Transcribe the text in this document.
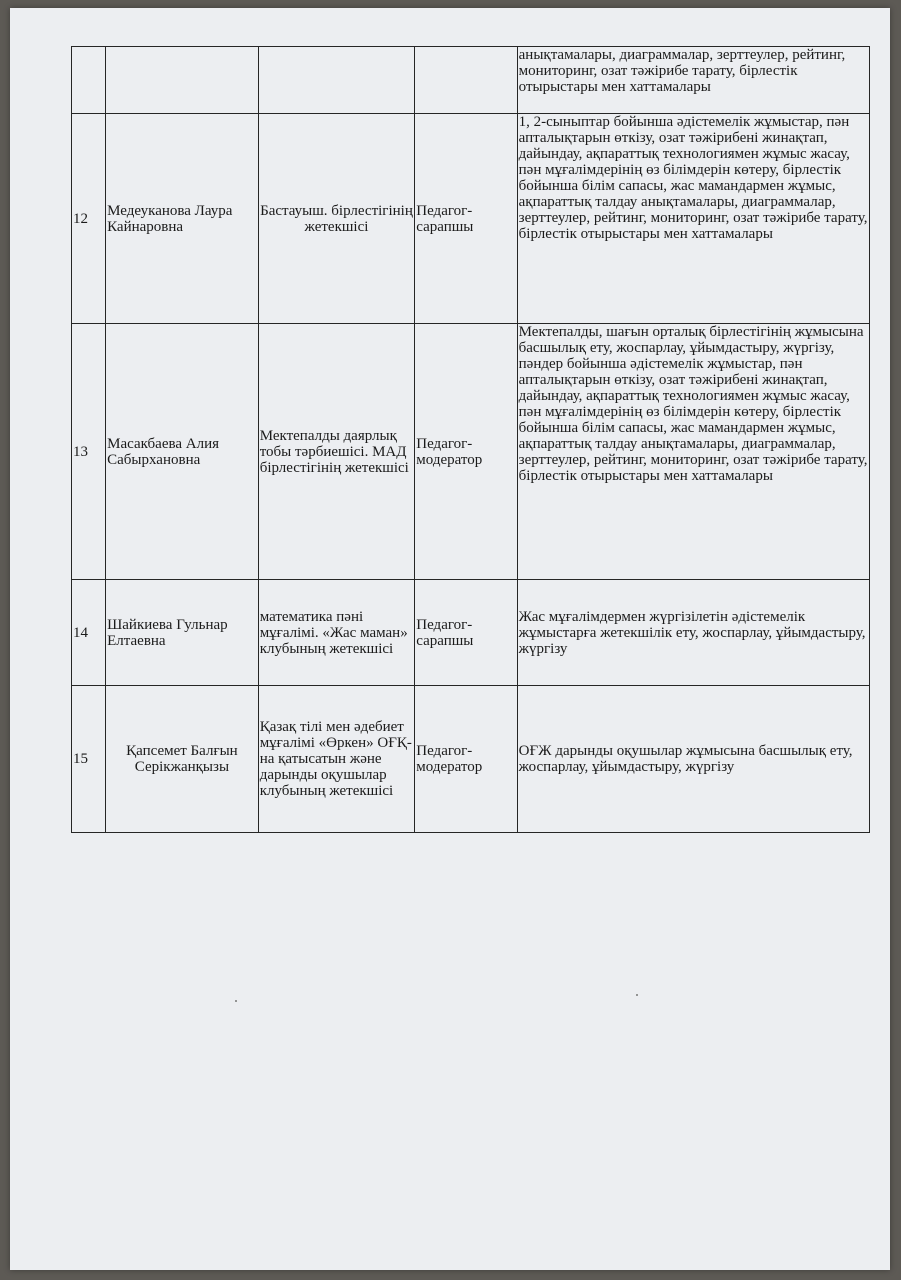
				анықтамалары, диаграммалар, зерттеулер, рейтинг, мониторинг, озат тәжірибе тарату, бірлестік отырыстары мен хаттамалары
12	Медеуканова Лаура Кайнаровна	Бастауыш. бірлестігінің жетекшісі	Педагог-сарапшы	1, 2-сыныптар бойынша әдістемелік жұмыстар, пән апталықтарын өткізу, озат тәжірибені жинақтап, дайындау, ақпараттық технологиямен жұмыс жасау, пән мұғалімдерінің өз білімдерін көтеру, бірлестік бойынша білім сапасы, жас мамандармен жұмыс, ақпараттық талдау анықтамалары, диаграммалар, зерттеулер, рейтинг, мониторинг, озат тәжірибе тарату, бірлестік отырыстары мен хаттамалары
13	Масакбаева Алия Сабырхановна	Мектепалды даярлық тобы тәрбиешісі. МАД бірлестігінің жетекшісі	Педагог-модератор	Мектепалды, шағын орталық бірлестігінің жұмысына басшылық ету, жоспарлау, ұйымдастыру, жүргізу, пәндер бойынша әдістемелік жұмыстар, пән апталықтарын өткізу, озат тәжірибені жинақтап, дайындау, ақпараттық технологиямен жұмыс жасау, пән мұғалімдерінің өз білімдерін көтеру, бірлестік бойынша білім сапасы, жас мамандармен жұмыс, ақпараттық талдау анықтамалары, диаграммалар, зерттеулер, рейтинг, мониторинг, озат тәжірибе тарату, бірлестік отырыстары мен хаттамалары
14	Шайкиева Гульнар Елтаевна	математика пәні мұғалімі. «Жас маман» клубының жетекшісі	Педагог-сарапшы	Жас мұғалімдермен жүргізілетін әдістемелік жұмыстарға жетекшілік ету, жоспарлау, ұйымдастыру, жүргізу
15	Қапсемет Балғын Серікжанқызы	Қазақ тілі мен әдебиет мұғалімі «Өркен» ОҒҚ-на қатысатын және дарынды оқушылар клубының жетекшісі	Педагог-модератор	ОҒЖ дарынды оқушылар жұмысына басшылық ету, жоспарлау, ұйымдастыру, жүргізу
